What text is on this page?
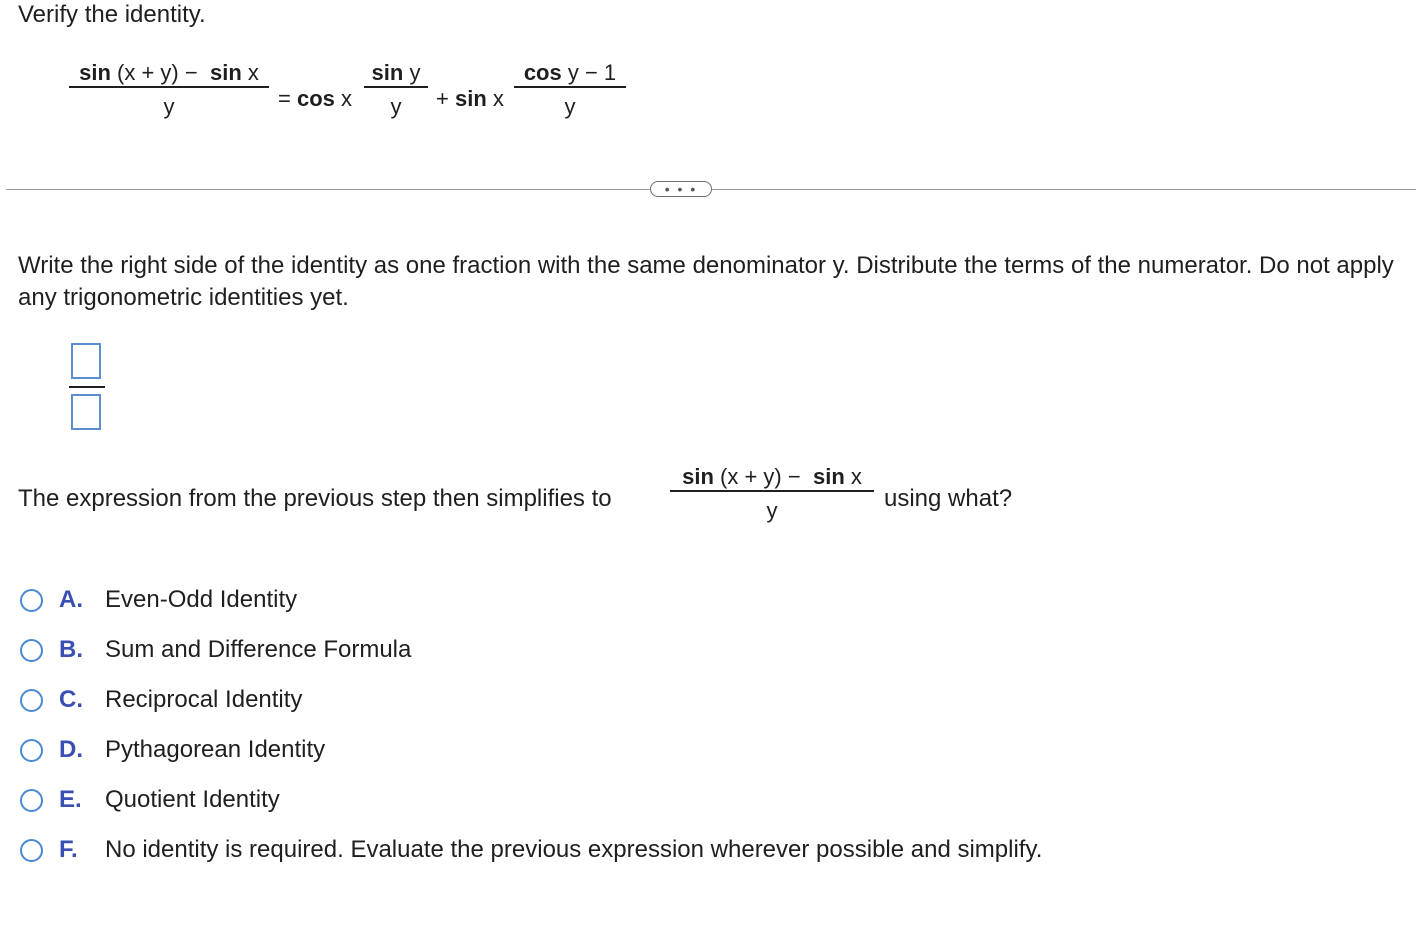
Verify the identity.
sin (x + y) − sin x
y	= cos x
sin y
y + sin x
cos y − 1
y
• • •
Write the right side of the identity as one fraction with the same denominator y. Distribute the terms of the numerator. Do not apply any trigonometric identities yet.
The expression from the previous step then simplifies to
sin (x + y) − sin x
y	using what?
A. Even-Odd Identity
B. Sum and Difference Formula
C. Reciprocal Identity
D. Pythagorean Identity
E. Quotient Identity
F. No identity is required. Evaluate the previous expression wherever possible and simplify.
